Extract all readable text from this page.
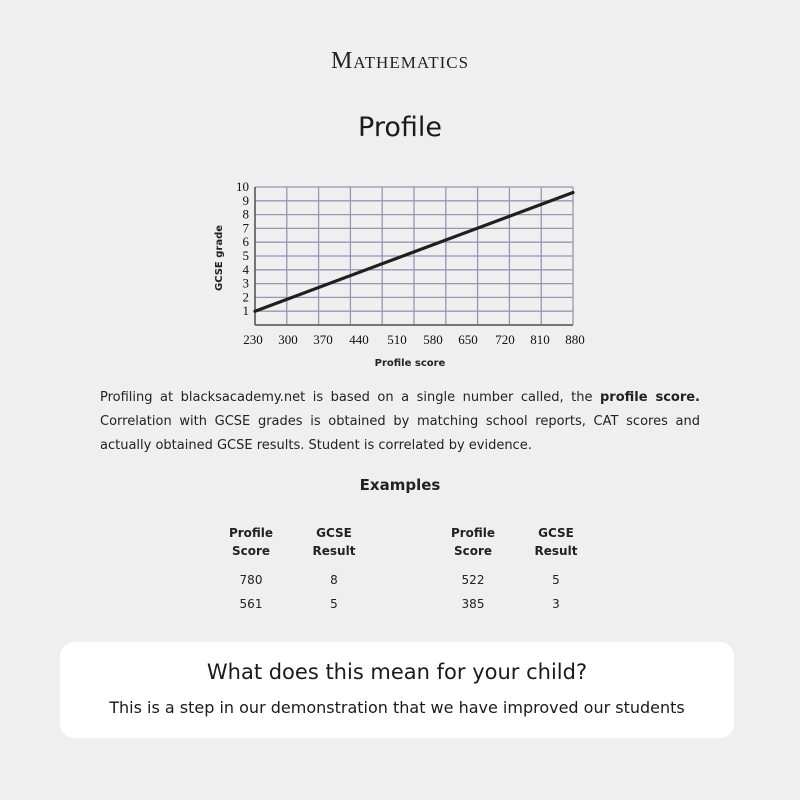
Mathematics
Profile
1
2
3
4
5
6
7
8
9
10
230 300 370 440 510 580 650 720 810 880
Profile score
GCSE grade
Profiling at blacksacademy.net is based on a single number called, the profile score. Correlation with GCSE grades is obtained by matching school reports, CAT scores and actually obtained GCSE results. Student is correlated by evidence.
Examples
Profile
Score	GCSE
Result
780	8
561	5
Profile
Score	GCSE
Result
522	5
385	3
What does this mean for your child?
This is a step in our demonstration that we have improved our students
